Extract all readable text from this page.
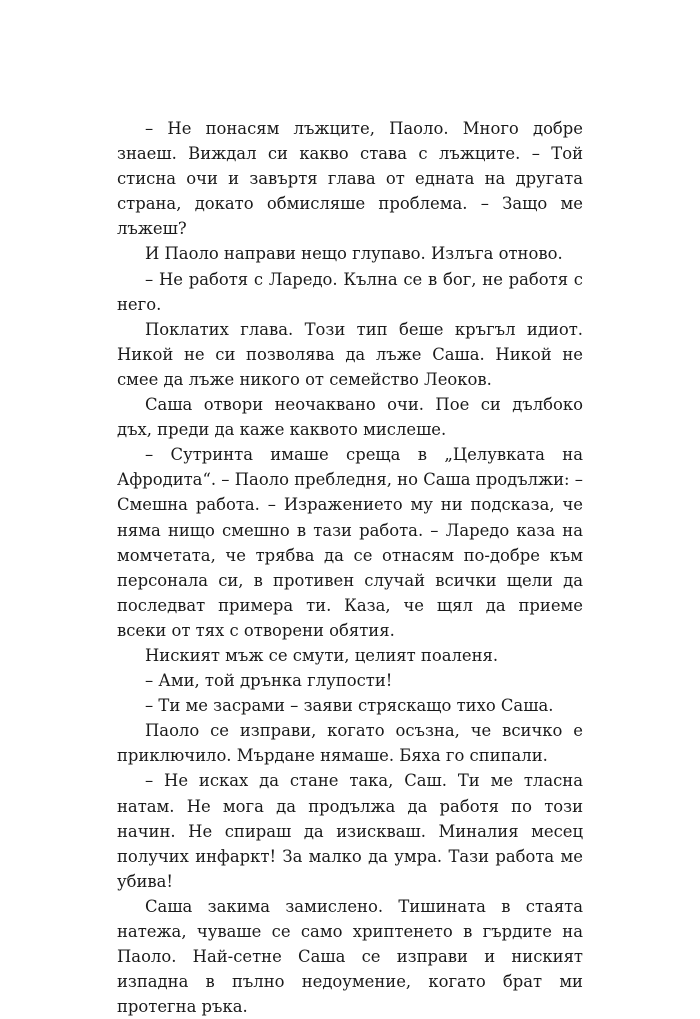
– Не понасям лъжците, Паоло. Много добре знаеш. Виждал си какво става с лъжците. – Той стисна очи и завъртя глава от едната на другата страна, докато обмисляше проблема. – Защо ме лъжеш?

И Паоло направи нещо глупаво. Излъга отново.

– Не работя с Ларедо. Кълна се в бог, не работя с него.

Поклатих глава. Този тип беше кръгъл идиот. Никой не си позволява да лъже Саша. Никой не смее да лъже никого от семейство Леоков.

Саша отвори неочаквано очи. Пое си дълбоко дъх, преди да каже каквото мислеше.

– Сутринта имаше среща в „Целувката на Афродита“. – Паоло пребледня, но Саша продължи: – Смешна работа. – Изражението му ни подсказа, че няма нищо смешно в тази работа. – Ларедо каза на момчетата, че трябва да се отнасям по-добре към персонала си, в противен случай всички щели да последват примера ти. Каза, че щял да приеме всеки от тях с отворени обятия.

Ниският мъж се смути, целият поаленя.

– Ами, той дрънка глупости!

– Ти ме засрами – заяви стряскащо тихо Саша.

Паоло се изправи, когато осъзна, че всичко е приключило. Мърдане нямаше. Бяха го спипали.

– Не исках да стане така, Саш. Ти ме тласна натам. Не мога да продължа да работя по този начин. Не спираш да изискваш. Миналия месец получих инфаркт! За малко да умра. Тази работа ме убива!

Саша закима замислено. Тишината в стаята натежа, чуваше се само хриптенето в гърдите на Паоло. Най-сетне Саша се изправи и ниският изпадна в пълно недоумение, когато брат ми протегна ръка.
